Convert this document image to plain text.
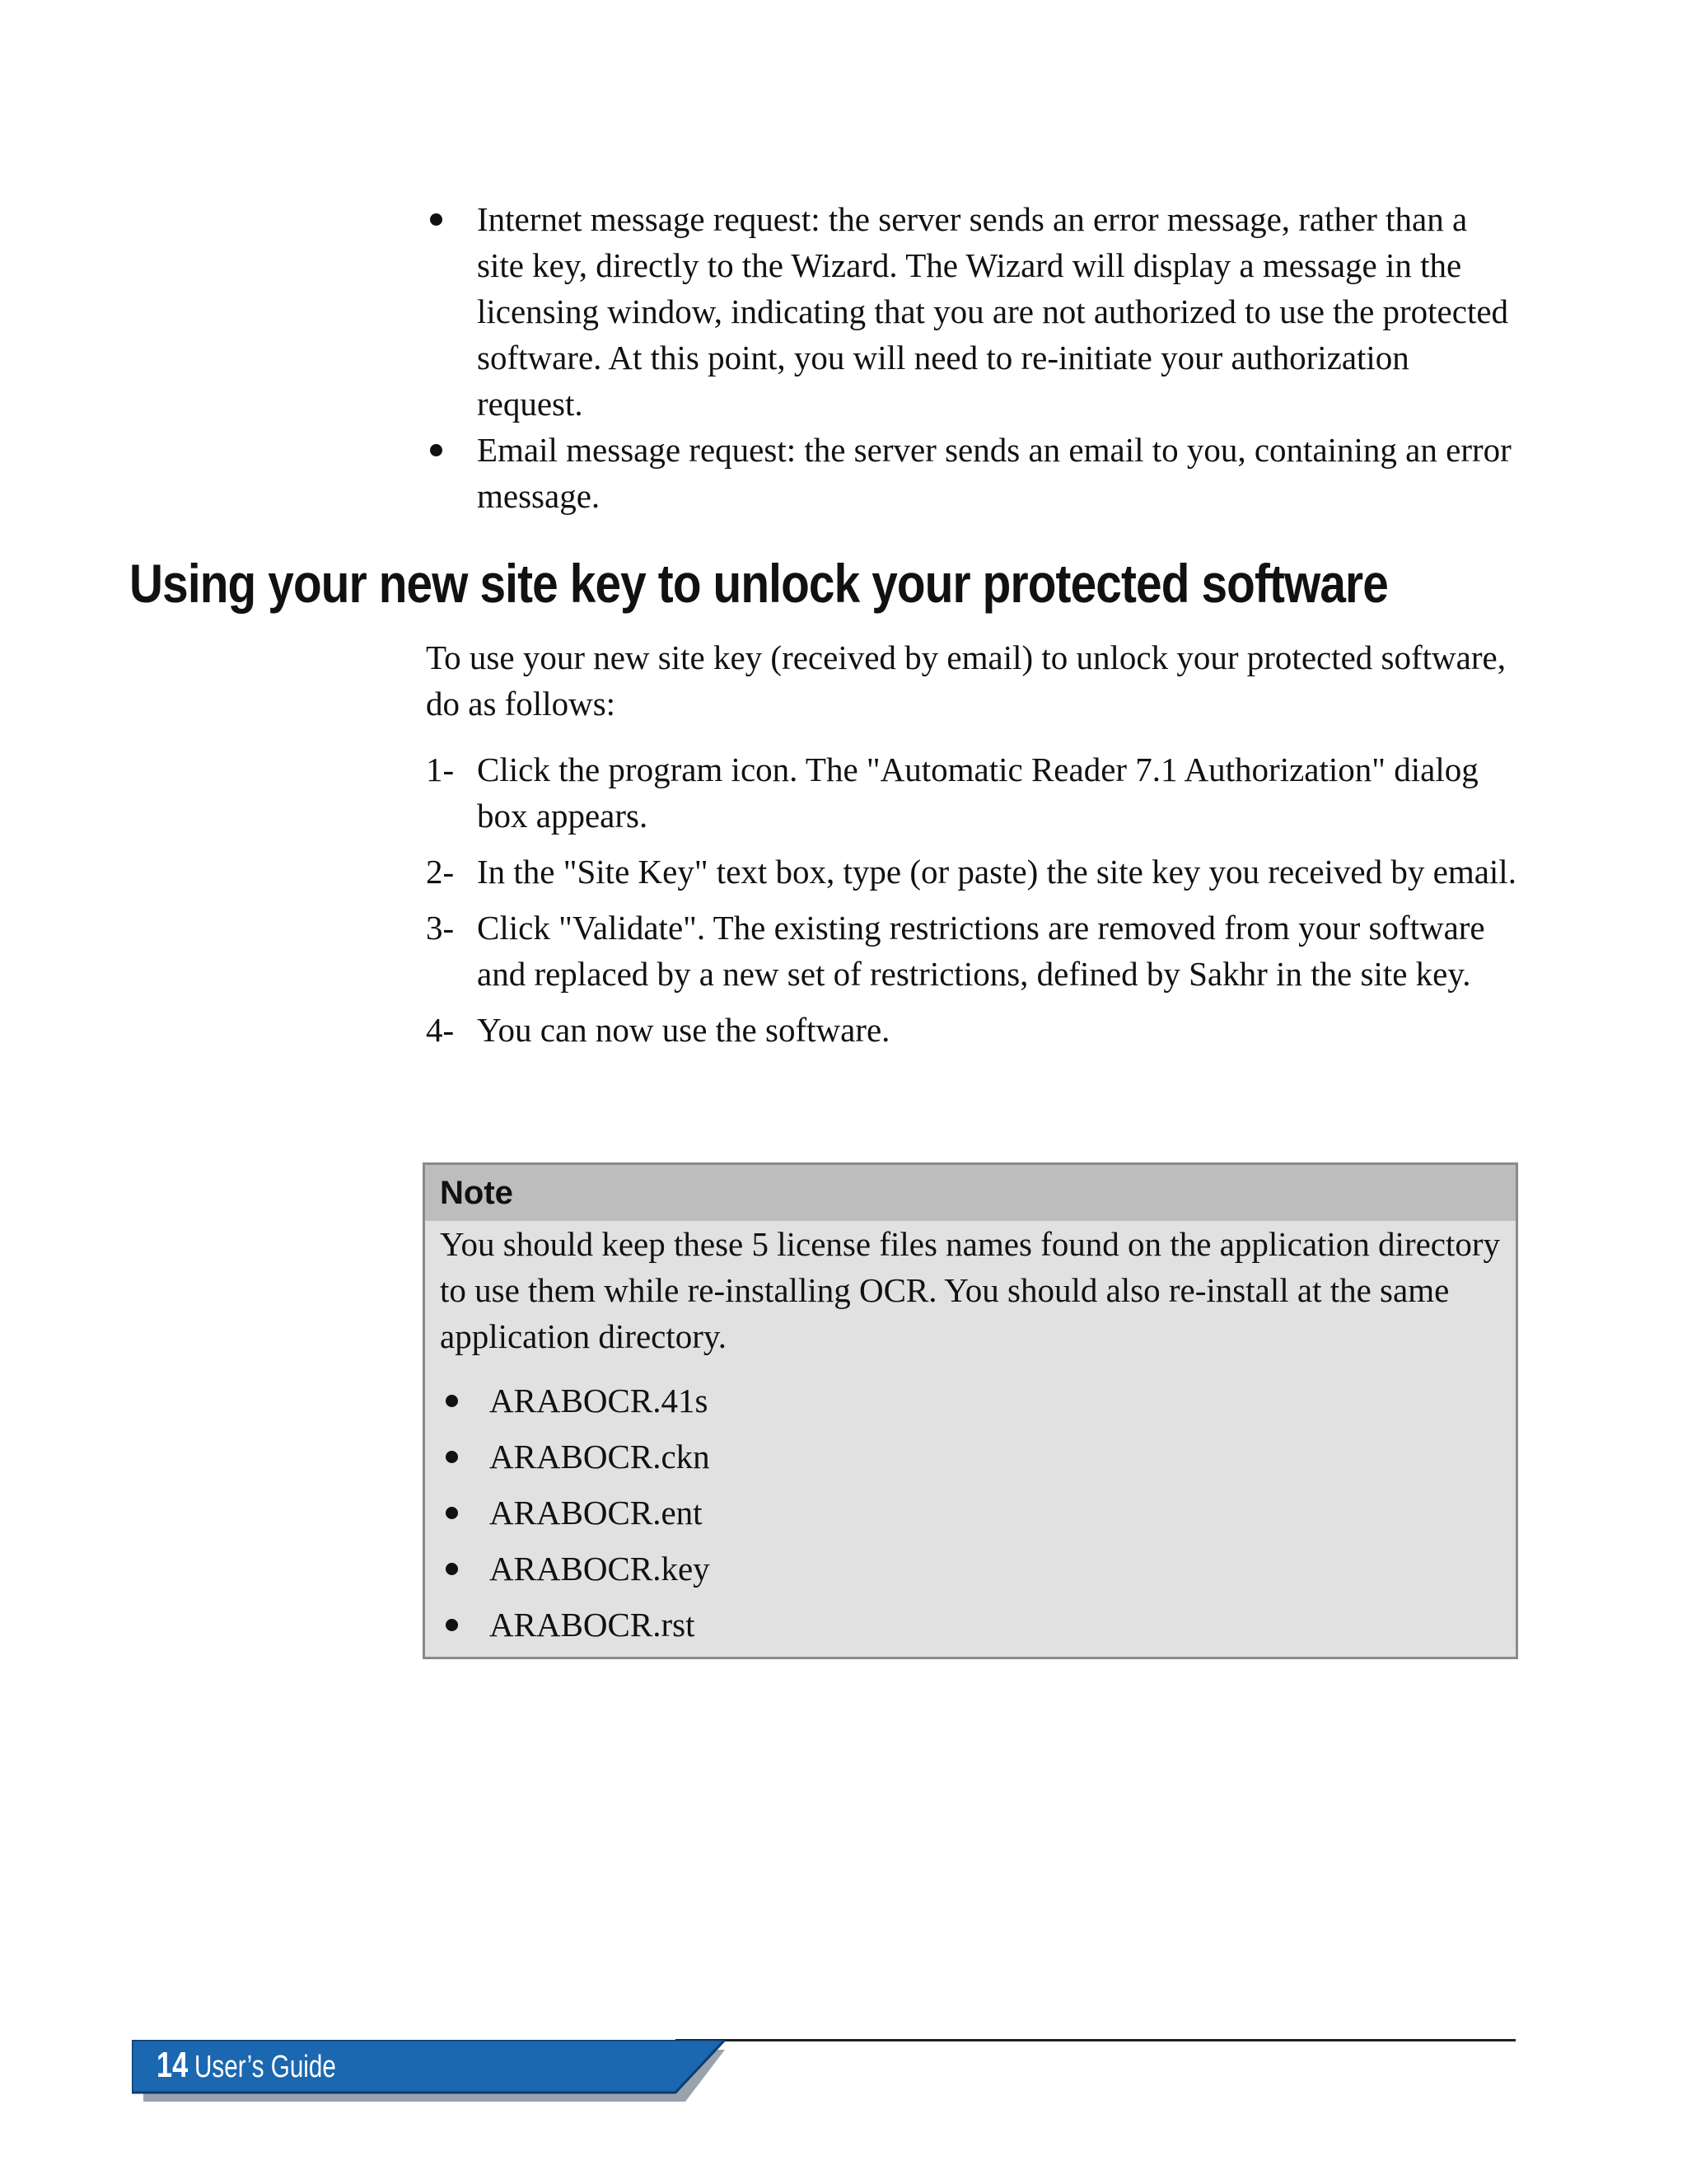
Internet message request: the server sends an error message, rather than a site key, directly to the Wizard. The Wizard will display a message in the licensing window, indicating that you are not authorized to use the protected software. At this point, you will need to re-initiate your authorization request.
Email message request: the server sends an email to you, containing an error message.
Using your new site key to unlock your protected software

To use your new site key (received by email) to unlock your protected software, do as follows:

1- Click the program icon. The "Automatic Reader 7.1 Authorization" dialog box appears.
2- In the "Site Key" text box, type (or paste) the site key you received by email.
3- Click "Validate". The existing restrictions are removed from your software and replaced by a new set of restrictions, defined by Sakhr in the site key.
4- You can now use the software.
Note

You should keep these 5 license files names found on the application directory to use them while re-installing OCR. You should also re-install at the same application directory.

ARABOCR.41s
ARABOCR.ckn
ARABOCR.ent
ARABOCR.key
ARABOCR.rst
14 User’s Guide
